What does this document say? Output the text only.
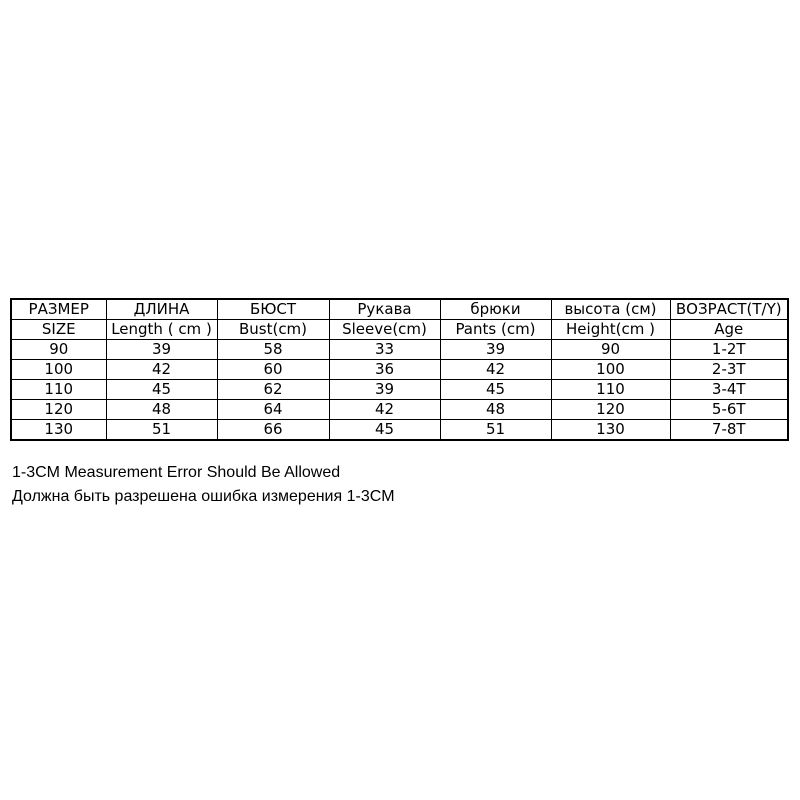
РАЗМЕР	ДЛИНА	БЮСТ	Рукава	брюки	высота (см)	ВОЗРАСТ(T/Y)
SIZE	Length ( cm )	Bust(cm)	Sleeve(cm)	Pants (cm)	Height(cm )	Age
90	39	58	33	39	90	1-2T
100	42	60	36	42	100	2-3T
110	45	62	39	45	110	3-4T
120	48	64	42	48	120	5-6T
130	51	66	45	51	130	7-8T
1-3CM Measurement Error Should Be Allowed
Должна быть разрешена ошибка измерения 1-3CM
